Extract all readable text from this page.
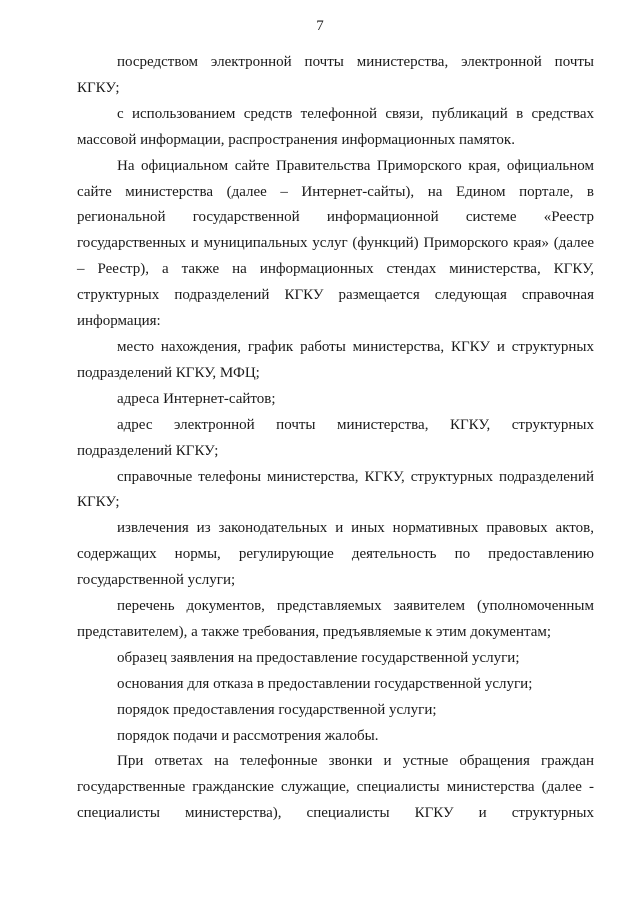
7

посредством электронной почты министерства, электронной почты КГКУ;

с использованием средств телефонной связи, публикаций в средствах массовой информации, распространения информационных памяток.

На официальном сайте Правительства Приморского края, официальном сайте министерства (далее – Интернет-сайты), на Едином портале, в региональной государственной информационной системе «Реестр государственных и муниципальных услуг (функций) Приморского края» (далее – Реестр), а также на информационных стендах министерства, КГКУ, структурных подразделений КГКУ размещается следующая справочная информация:

место нахождения, график работы министерства, КГКУ и структурных подразделений КГКУ, МФЦ;

адреса Интернет-сайтов;

адрес электронной почты министерства, КГКУ, структурных подразделений КГКУ;

справочные телефоны министерства, КГКУ, структурных подразделений КГКУ;

извлечения из законодательных и иных нормативных правовых актов, содержащих нормы, регулирующие деятельность по предоставлению государственной услуги;

перечень документов, представляемых заявителем (уполномоченным представителем), а также требования, предъявляемые к этим документам;

образец заявления на предоставление государственной услуги;

основания для отказа в предоставлении государственной услуги;

порядок предоставления государственной услуги;

порядок подачи и рассмотрения жалобы.

При ответах на телефонные звонки и устные обращения граждан государственные гражданские служащие, специалисты министерства (далее - специалисты министерства), специалисты КГКУ и структурных
